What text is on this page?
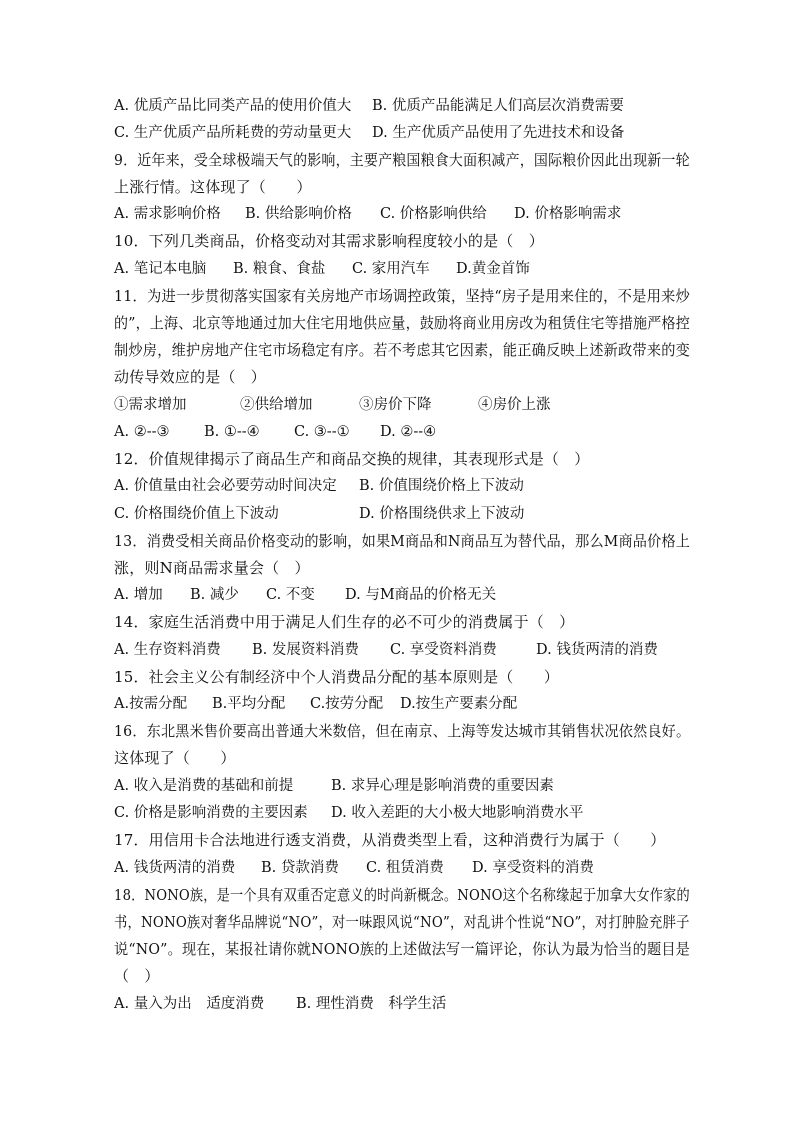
A. 优质产品比同类产品的使用价值大 B. 优质产品能满足人们高层次消费需要
C. 生产优质产品所耗费的劳动量更大 D. 生产优质产品使用了先进技术和设备
9．近年来，受全球极端天气的影响，主要产粮国粮食大面积减产，国际粮价因此出现新一轮
上涨行情。这体现了（　　）
A. 需求影响价格 B. 供给影响价格 C. 价格影响供给 D. 价格影响需求
10．下列几类商品，价格变动对其需求影响程度较小的是（　）
A. 笔记本电脑 B. 粮食、食盐 C. 家用汽车 D.黄金首饰
11．为进一步贯彻落实国家有关房地产市场调控政策，坚持“房子是用来住的，不是用来炒
的”，上海、北京等地通过加大住宅用地供应量，鼓励将商业用房改为租赁住宅等措施严格控
制炒房，维护房地产住宅市场稳定有序。若不考虑其它因素，能正确反映上述新政带来的变
动传导效应的是（　）
①需求增加	②供给增加	③房价下降	④房价上涨
A. ②--③ B. ①--④ C. ③--① D. ②--④
12．价值规律揭示了商品生产和商品交换的规律，其表现形式是（　）
A. 价值量由社会必要劳动时间决定 B. 价值围绕价格上下波动
C. 价格围绕价值上下波动	D. 价格围绕供求上下波动
13．消费受相关商品价格变动的影响，如果M商品和N商品互为替代品，那么M商品价格上
涨，则N商品需求量会（　）
A. 增加 B. 减少 C. 不变 D. 与M商品的价格无关
14．家庭生活消费中用于满足人们生存的必不可少的消费属于（　）
A. 生存资料消费 B. 发展资料消费 C. 享受资料消费	D. 钱货两清的消费
15．社会主义公有制经济中个人消费品分配的基本原则是（　　）
A.按需分配 B.平均分配 C.按劳分配 D.按生产要素分配
16．东北黑米售价要高出普通大米数倍，但在南京、上海等发达城市其销售状况依然良好。
这体现了（　　）
A. 收入是消费的基础和前提	B. 求异心理是影响消费的重要因素
C. 价格是影响消费的主要因素 D. 收入差距的大小极大地影响消费水平
17．用信用卡合法地进行透支消费，从消费类型上看，这种消费行为属于（　　）
A. 钱货两清的消费 B. 贷款消费 C. 租赁消费 D. 享受资料的消费
18．NONO族，是一个具有双重否定意义的时尚新概念。NONO这个名称缘起于加拿大女作家的
书，NONO族对奢华品牌说“NO”，对一味跟风说“NO”，对乱讲个性说“NO”，对打肿脸充胖子
说“NO”。现在，某报社请你就NONO族的上述做法写一篇评论，你认为最为恰当的题目是
（　）
A. 量入为出　适度消费 B. 理性消费　科学生活
